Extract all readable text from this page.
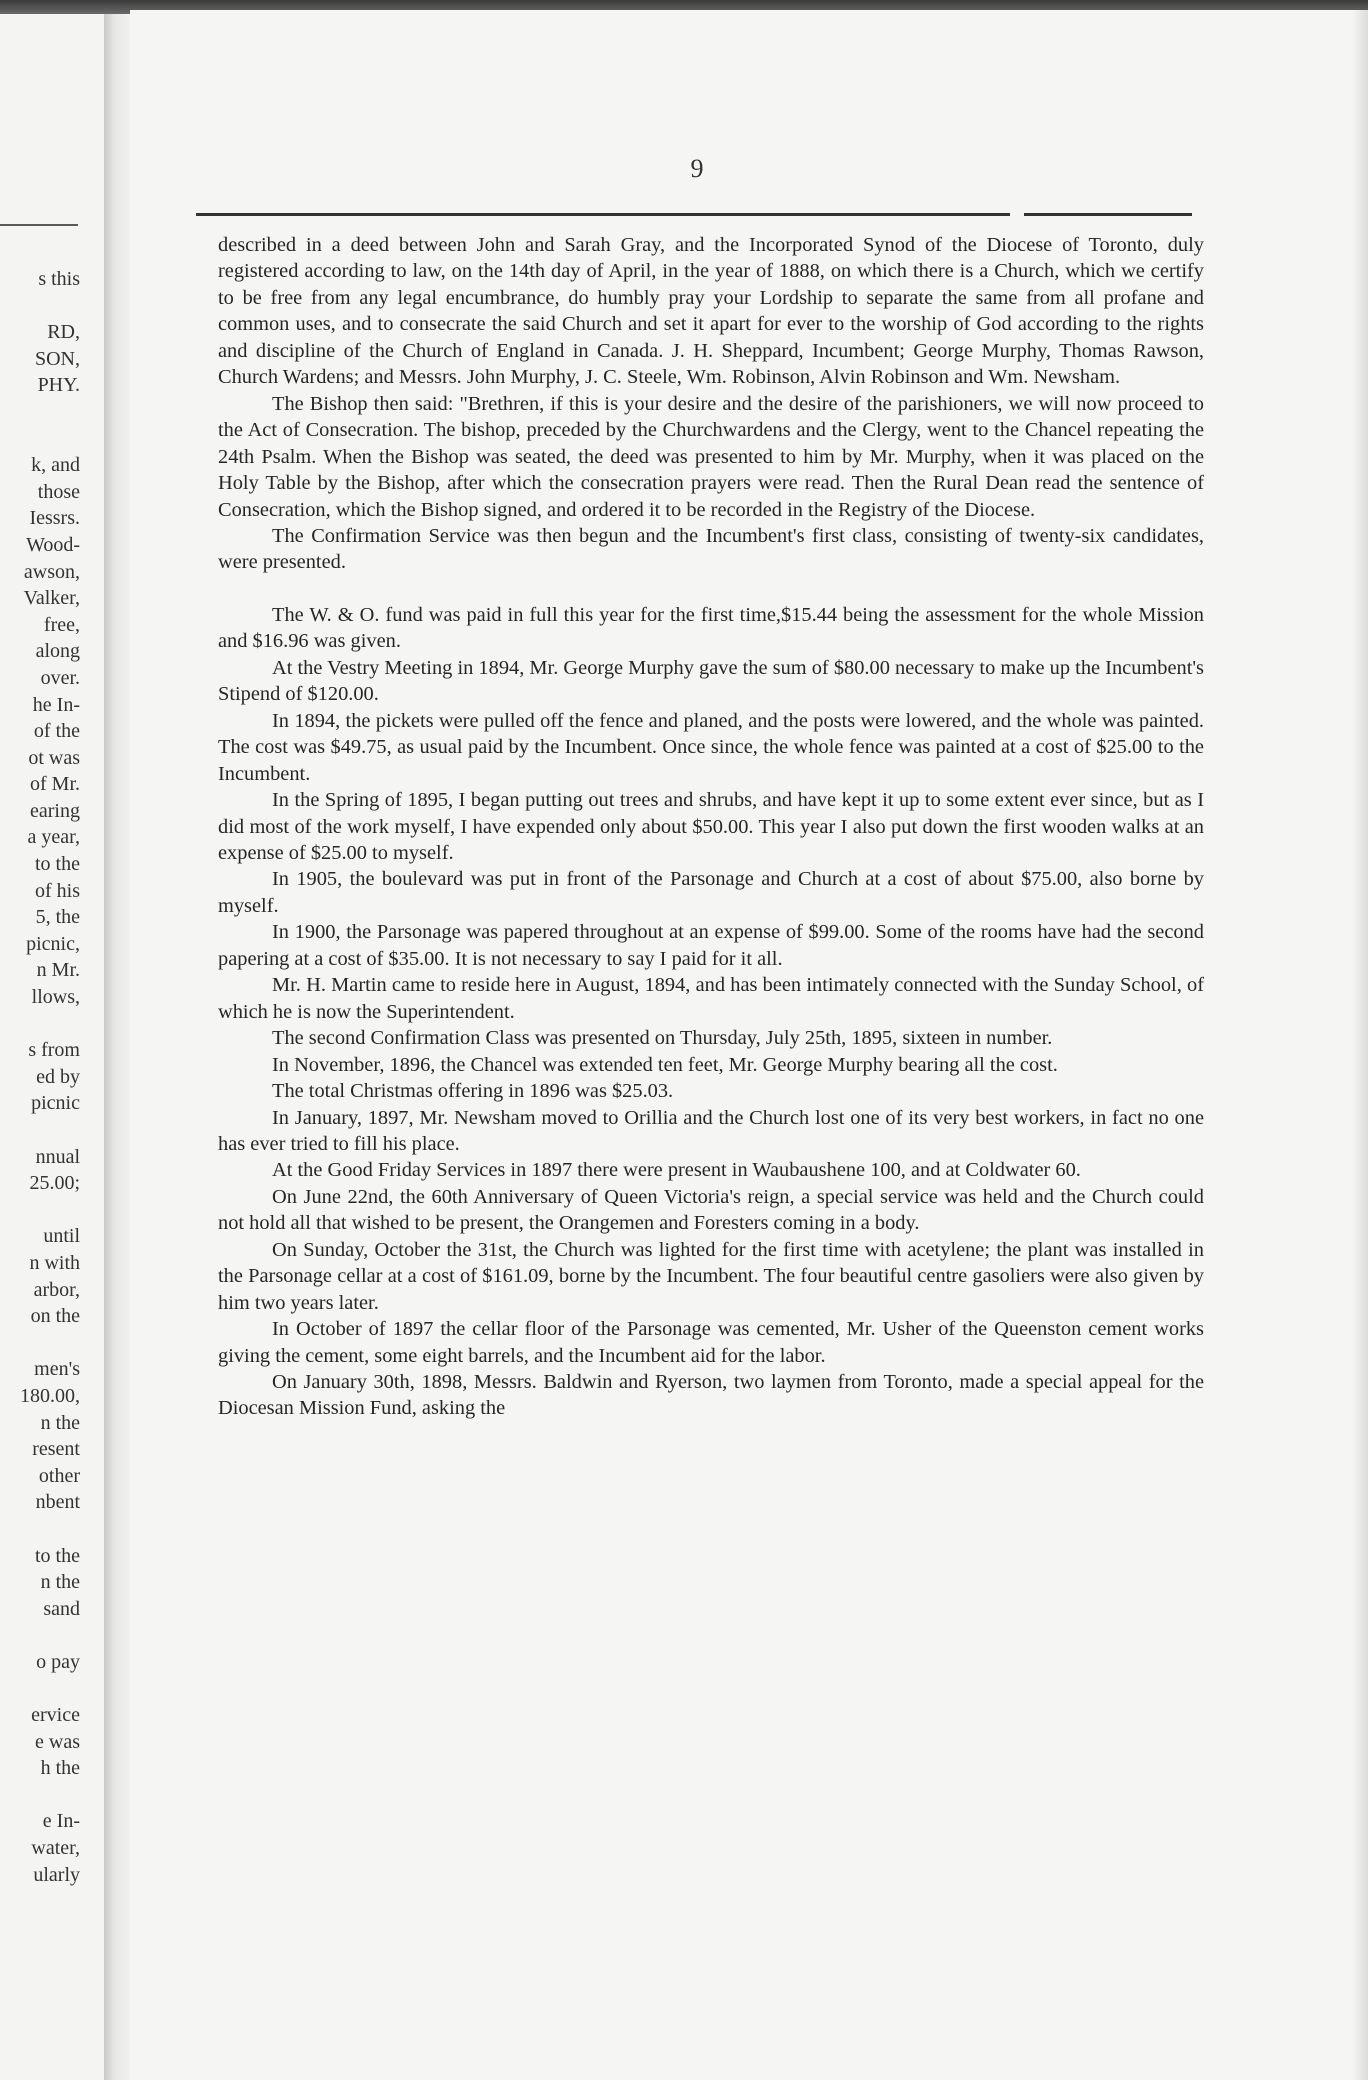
s this
RD,
SON,
PHY.
k, and
those
Iessrs.
Wood-
awson,
Valker,
free,
along
over.
he In-
of the
ot was
of Mr.
earing
a year,
to the
of his
5, the
picnic,
n Mr.
llows,
s from
ed by
picnic
nnual
25.00;
until
n with
arbor,
on the
men's
180.00,
n the
resent
other
nbent
to the
n the
sand
o pay
ervice
e was
h the
e In-
water,
ularly
9

described in a deed between John and Sarah Gray, and the Incorporated Synod of the Diocese of Toronto, duly registered according to law, on the 14th day of April, in the year of 1888, on which there is a Church, which we certify to be free from any legal encumbrance, do humbly pray your Lordship to separate the same from all profane and common uses, and to consecrate the said Church and set it apart for ever to the worship of God according to the rights and discipline of the Church of England in Canada. J. H. Sheppard, Incumbent; George Murphy, Thomas Rawson, Church Wardens; and Messrs. John Murphy, J. C. Steele, Wm. Robinson, Alvin Robinson and Wm. Newsham.

The Bishop then said: "Brethren, if this is your desire and the desire of the parishioners, we will now proceed to the Act of Consecration. The bishop, preceded by the Churchwardens and the Clergy, went to the Chancel repeating the 24th Psalm. When the Bishop was seated, the deed was presented to him by Mr. Murphy, when it was placed on the Holy Table by the Bishop, after which the consecration prayers were read. Then the Rural Dean read the sentence of Consecration, which the Bishop signed, and ordered it to be recorded in the Registry of the Diocese.

The Confirmation Service was then begun and the Incumbent's first class, consisting of twenty-six candidates, were presented.

The W. & O. fund was paid in full this year for the first time,$15.44 being the assessment for the whole Mission and $16.96 was given.

At the Vestry Meeting in 1894, Mr. George Murphy gave the sum of $80.00 necessary to make up the Incumbent's Stipend of $120.00.

In 1894, the pickets were pulled off the fence and planed, and the posts were lowered, and the whole was painted. The cost was $49.75, as usual paid by the Incumbent. Once since, the whole fence was painted at a cost of $25.00 to the Incumbent.

In the Spring of 1895, I began putting out trees and shrubs, and have kept it up to some extent ever since, but as I did most of the work myself, I have expended only about $50.00. This year I also put down the first wooden walks at an expense of $25.00 to myself.

In 1905, the boulevard was put in front of the Parsonage and Church at a cost of about $75.00, also borne by myself.

In 1900, the Parsonage was papered throughout at an expense of $99.00. Some of the rooms have had the second papering at a cost of $35.00. It is not necessary to say I paid for it all.

Mr. H. Martin came to reside here in August, 1894, and has been intimately connected with the Sunday School, of which he is now the Superintendent.

The second Confirmation Class was presented on Thursday, July 25th, 1895, sixteen in number.

In November, 1896, the Chancel was extended ten feet, Mr. George Murphy bearing all the cost.

The total Christmas offering in 1896 was $25.03.

In January, 1897, Mr. Newsham moved to Orillia and the Church lost one of its very best workers, in fact no one has ever tried to fill his place.

At the Good Friday Services in 1897 there were present in Waubaushene 100, and at Coldwater 60.

On June 22nd, the 60th Anniversary of Queen Victoria's reign, a special service was held and the Church could not hold all that wished to be present, the Orangemen and Foresters coming in a body.

On Sunday, October the 31st, the Church was lighted for the first time with acetylene; the plant was installed in the Parsonage cellar at a cost of $161.09, borne by the Incumbent. The four beautiful centre gasoliers were also given by him two years later.

In October of 1897 the cellar floor of the Parsonage was cemented, Mr. Usher of the Queenston cement works giving the cement, some eight barrels, and the Incumbent aid for the labor.

On January 30th, 1898, Messrs. Baldwin and Ryerson, two laymen from Toronto, made a special appeal for the Diocesan Mission Fund, asking the
